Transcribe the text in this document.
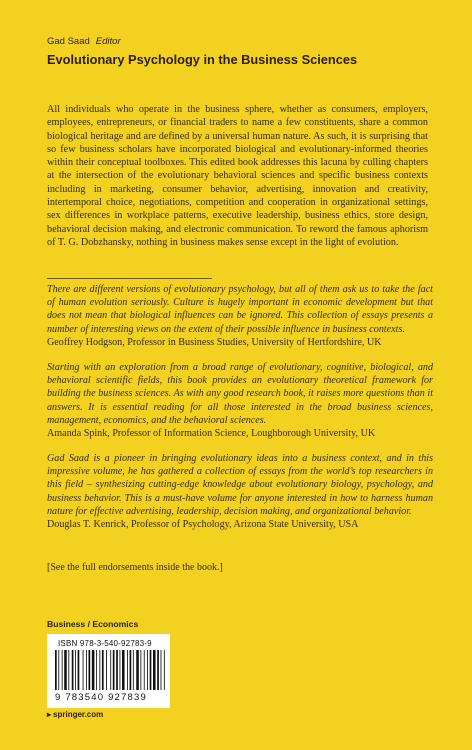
Gad Saad Editor
Evolutionary Psychology in the Business Sciences
All individuals who operate in the business sphere, whether as consumers, employers, employees, entrepreneurs, or financial traders to name a few constituents, share a common biological heritage and are defined by a universal human nature. As such, it is surprising that so few business scholars have incorporated biological and evolutionary-informed theories within their conceptual toolboxes. This edited book addresses this lacuna by culling chapters at the intersection of the evolutionary behavioral sciences and specific business contexts including in marketing, consumer behavior, advertising, innovation and creativity, intertemporal choice, negotiations, competition and cooperation in organizational settings, sex differences in workplace patterns, executive leadership, business ethics, store design, behavioral decision making, and electronic communication. To reword the famous aphorism of T. G. Dobzhansky, nothing in business makes sense except in the light of evolution.

There are different versions of evolutionary psychology, but all of them ask us to take the fact of human evolution seriously. Culture is hugely important in economic development but that does not mean that biological influences can be ignored. This collection of essays presents a number of interesting views on the extent of their possible influence in business contexts.

Geoffrey Hodgson, Professor in Business Studies, University of Hertfordshire, UK

Starting with an exploration from a broad range of evolutionary, cognitive, biological, and behavioral scientific fields, this book provides an evolutionary theoretical framework for building the business sciences. As with any good research book, it raises more questions than it answers. It is essential reading for all those interested in the broad business sciences, management, economics, and the behavioral sciences.

Amanda Spink, Professor of Information Science, Loughborough University, UK

Gad Saad is a pioneer in bringing evolutionary ideas into a business context, and in this impressive volume, he has gathered a collection of essays from the world’s top researchers in this field – synthesizing cutting-edge knowledge about evolutionary biology, psychology, and business behavior. This is a must-have volume for anyone interested in how to harness human nature for effective advertising, leadership, decision making, and organizational behavior.

Douglas T. Kenrick, Professor of Psychology, Arizona State University, USA

[See the full endorsements inside the book.]
Business / Economics
ISBN 978-3-540-92783-9
9 783540 927839
▸ springer.com
